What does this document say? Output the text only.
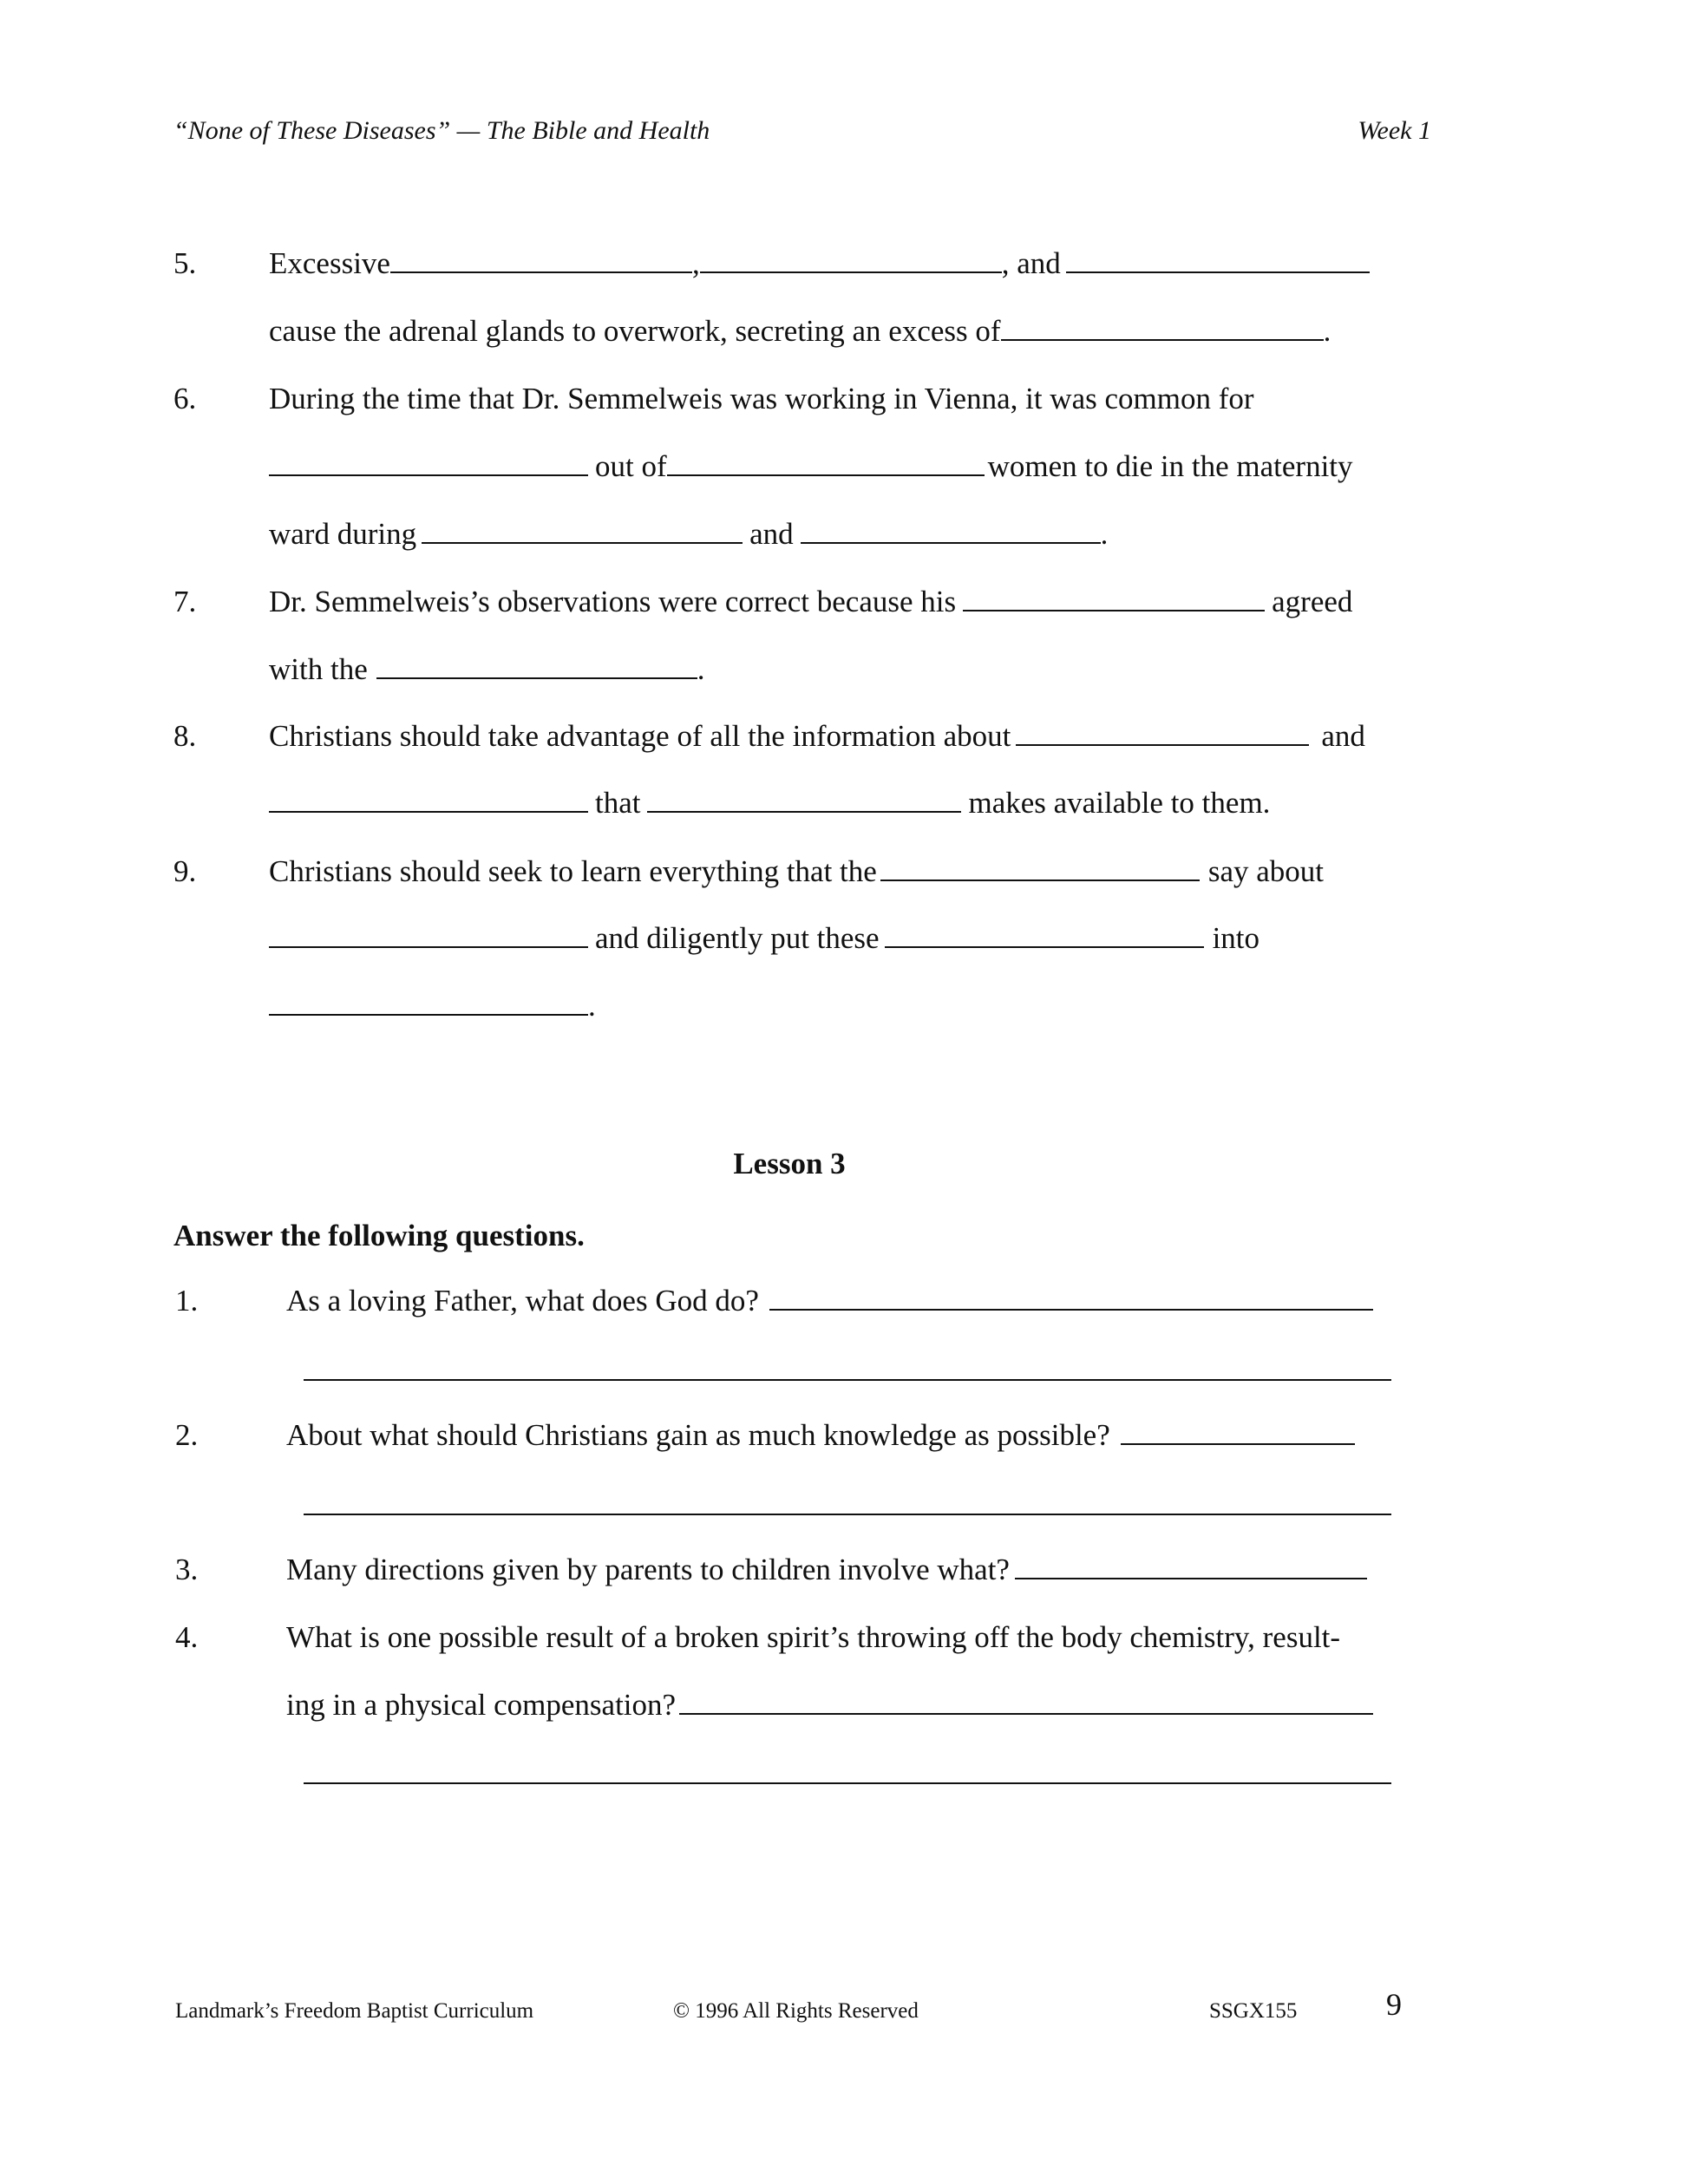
“None of These Diseases” — The Bible and Health	Week 1
5. Excessive	,	, and
cause the adrenal glands to overwork, secreting an excess of	.
6. During the time that Dr. Semmelweis was working in Vienna, it was common for
out of	women to die in the maternity
ward during	and	.
7. Dr. Semmelweis’s observations were correct because his	agreed
with the	.
8. Christians should take advantage of all the information about	and
that	makes available to them.
9. Christians should seek to learn everything that the	say about
and diligently put these	into
.
Lesson 3
Answer the following questions.
1.	As a loving Father, what does God do?
2.	About what should Christians gain as much knowledge as possible?
3.	Many directions given by parents to children involve what?
4.	What is one possible result of a broken spirit’s throwing off the body chemistry, result-
ing in a physical compensation?
Landmark’s Freedom Baptist Curriculum	© 1996 All Rights Reserved	SSGX155	9
